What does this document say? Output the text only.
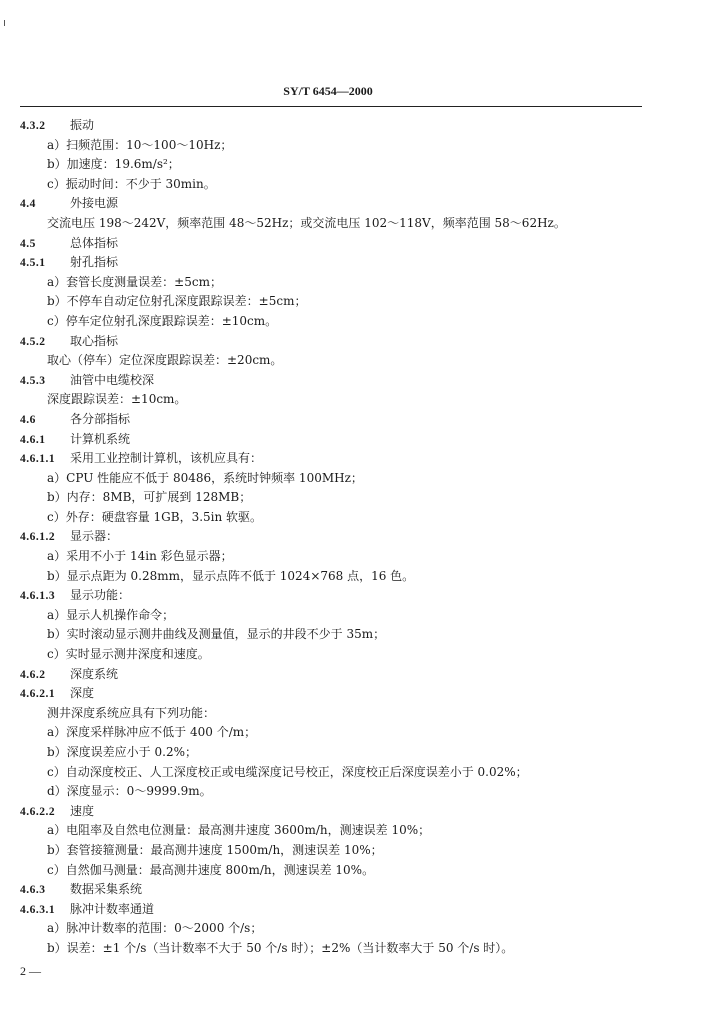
SY/T 6454—2000
4.3.2 振动
a）扫频范围：10～100～10Hz；
b）加速度：19.6m/s²；
c）振动时间：不少于 30min。
4.4	外接电源
交流电压 198～242V，频率范围 48～52Hz；或交流电压 102～118V，频率范围 58～62Hz。
4.5	总体指标
4.5.1 射孔指标
a）套管长度测量误差：±5cm；
b）不停车自动定位射孔深度跟踪误差：±5cm；
c）停车定位射孔深度跟踪误差：±10cm。
4.5.2 取心指标
取心（停车）定位深度跟踪误差：±20cm。
4.5.3 油管中电缆校深
深度跟踪误差：±10cm。
4.6	各分部指标
4.6.1 计算机系统
4.6.1.1 采用工业控制计算机，该机应具有：
a）CPU 性能应不低于 80486，系统时钟频率 100MHz；
b）内存：8MB，可扩展到 128MB；
c）外存：硬盘容量 1GB，3.5in 软驱。
4.6.1.2 显示器：
a）采用不小于 14in 彩色显示器；
b）显示点距为 0.28mm，显示点阵不低于 1024×768 点，16 色。
4.6.1.3 显示功能：
a）显示人机操作命令；
b）实时滚动显示测井曲线及测量值，显示的井段不少于 35m；
c）实时显示测井深度和速度。
4.6.2 深度系统
4.6.2.1 深度
测井深度系统应具有下列功能：
a）深度采样脉冲应不低于 400 个/m；
b）深度误差应小于 0.2%；
c）自动深度校正、人工深度校正或电缆深度记号校正，深度校正后深度误差小于 0.02%；
d）深度显示：0～9999.9m。
4.6.2.2 速度
a）电阻率及自然电位测量：最高测井速度 3600m/h，测速误差 10%；
b）套管接箍测量：最高测井速度 1500m/h，测速误差 10%；
c）自然伽马测量：最高测井速度 800m/h，测速误差 10%。
4.6.3 数据采集系统
4.6.3.1 脉冲计数率通道
a）脉冲计数率的范围：0～2000 个/s；
b）误差：±1 个/s（当计数率不大于 50 个/s 时）；±2%（当计数率大于 50 个/s 时）。
2 —
